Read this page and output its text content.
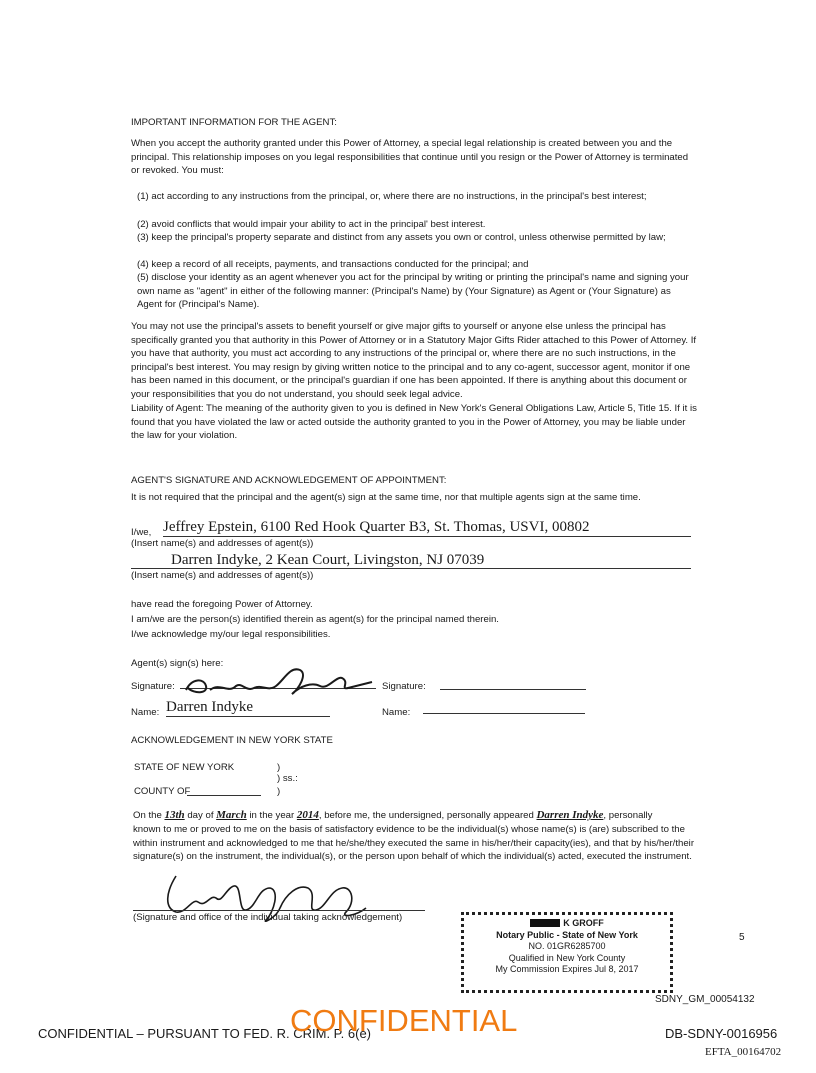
IMPORTANT INFORMATION FOR THE AGENT:
When you accept the authority granted under this Power of Attorney, a special legal relationship is created between you and the principal. This relationship imposes on you legal responsibilities that continue until you resign or the Power of Attorney is terminated or revoked. You must:
(1) act according to any instructions from the principal, or, where there are no instructions, in the principal's best interest;
(2) avoid conflicts that would impair your ability to act in the principal' best interest.
(3) keep the principal's property separate and distinct from any assets you own or control, unless otherwise permitted by law;
(4) keep a record of all receipts, payments, and transactions conducted for the principal; and
(5) disclose your identity as an agent whenever you act for the principal by writing or printing the principal's name and signing your own name as "agent" in either of the following manner: (Principal's Name) by (Your Signature) as Agent or (Your Signature) as Agent for (Principal's Name).
You may not use the principal's assets to benefit yourself or give major gifts to yourself or anyone else unless the principal has specifically granted you that authority in this Power of Attorney or in a Statutory Major Gifts Rider attached to this Power of Attorney. If you have that authority, you must act according to any instructions of the principal or, where there are no such instructions, in the principal's best interest. You may resign by giving written notice to the principal and to any co-agent, successor agent, monitor if one has been named in this document, or the principal's guardian if one has been appointed. If there is anything about this document or your responsibilities that you do not understand, you should seek legal advice.
Liability of Agent: The meaning of the authority given to you is defined in New York's General Obligations Law, Article 5, Title 15. If it is found that you have violated the law or acted outside the authority granted to you in the Power of Attorney, you may be liable under the law for your violation.
AGENT'S SIGNATURE AND ACKNOWLEDGEMENT OF APPOINTMENT:
It is not required that the principal and the agent(s) sign at the same time, nor that multiple agents sign at the same time.
I/we, Jeffrey Epstein, 6100 Red Hook Quarter B3, St. Thomas, USVI, 00802
(Insert name(s) and addresses of agent(s))
Darren Indyke, 2 Kean Court, Livingston, NJ 07039
(Insert name(s) and addresses of agent(s))
have read the foregoing Power of Attorney.
I am/we are the person(s) identified therein as agent(s) for the principal named therein.
I/we acknowledge my/our legal responsibilities.
Agent(s) sign(s) here:
Signature:	Signature:
Name: Darren Indyke	Name:
ACKNOWLEDGEMENT IN NEW YORK STATE
STATE OF NEW YORK	)
) ss.:
COUNTY OF	)
On the 13th day of March in the year 2014, before me, the undersigned, personally appeared Darren Indyke, personally
known to me or proved to me on the basis of satisfactory evidence to be the individual(s) whose name(s) is (are) subscribed to the within instrument and acknowledged to me that he/she/they executed the same in his/her/their capacity(ies), and that by his/her/their signature(s) on the instrument, the individual(s), or the person upon behalf of which the individual(s) acted, executed the instrument.
(Signature and office of the individual taking acknowledgement)	K GROFF
Notary Public - State of New York
NO. 01GR6285700
Qualified in New York County
My Commission Expires Jul 8, 2017
5
SDNY_GM_00054132
CONFIDENTIAL – PURSUANT TO FED. R. CRIM. P. 6(e)
CONFIDENTIAL	DB-SDNY-0016956
EFTA_00164702
